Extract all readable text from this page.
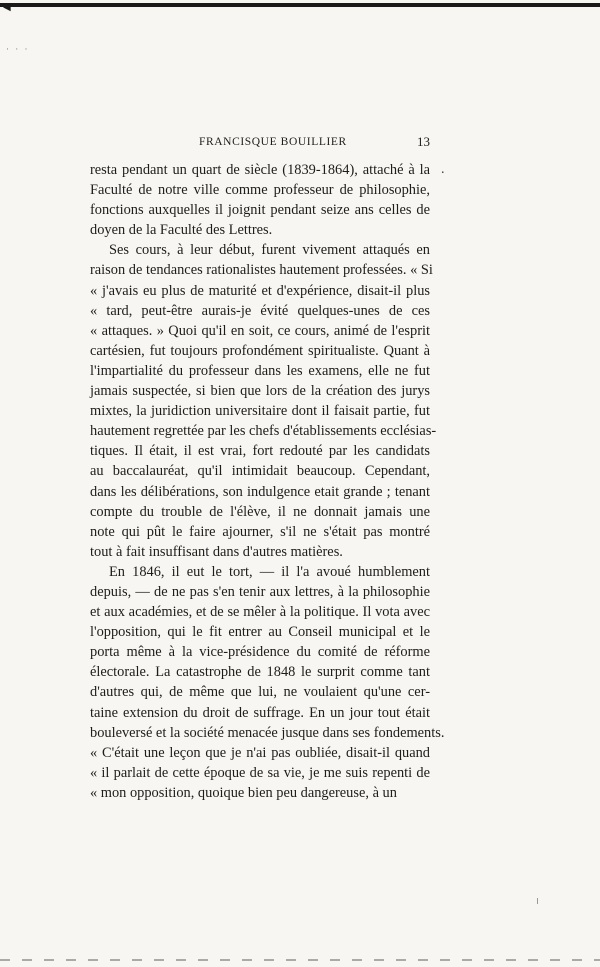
◀
· · ·
FRANCISQUE BOUILLIER	13
.
resta pendant un quart de siècle (1839-1864), attaché à la
Faculté de notre ville comme professeur de philosophie,
fonctions auxquelles il joignit pendant seize ans celles de
doyen de la Faculté des Lettres.
Ses cours, à leur début, furent vivement attaqués en
raison de tendances rationalistes hautement professées. « Si
« j'avais eu plus de maturité et d'expérience, disait-il plus
« tard, peut-être aurais-je évité quelques-unes de ces
« attaques. » Quoi qu'il en soit, ce cours, animé de l'esprit
cartésien, fut toujours profondément spiritualiste. Quant à
l'impartialité du professeur dans les examens, elle ne fut
jamais suspectée, si bien que lors de la création des jurys
mixtes, la juridiction universitaire dont il faisait partie, fut
hautement regrettée par les chefs d'établissements ecclésias-
tiques. Il était, il est vrai, fort redouté par les candidats
au baccalauréat, qu'il intimidait beaucoup. Cependant,
dans les délibérations, son indulgence etait grande ; tenant
compte du trouble de l'élève, il ne donnait jamais une
note qui pût le faire ajourner, s'il ne s'était pas montré
tout à fait insuffisant dans d'autres matières.
En 1846, il eut le tort, — il l'a avoué humblement
depuis, — de ne pas s'en tenir aux lettres, à la philosophie
et aux académies, et de se mêler à la politique. Il vota avec
l'opposition, qui le fit entrer au Conseil municipal et le
porta même à la vice-présidence du comité de réforme
électorale. La catastrophe de 1848 le surprit comme tant
d'autres qui, de même que lui, ne voulaient qu'une cer-
taine extension du droit de suffrage. En un jour tout était
bouleversé et la société menacée jusque dans ses fondements.
« C'était une leçon que je n'ai pas oubliée, disait-il quand
« il parlait de cette époque de sa vie, je me suis repenti de
« mon opposition, quoique bien peu dangereuse, à un
